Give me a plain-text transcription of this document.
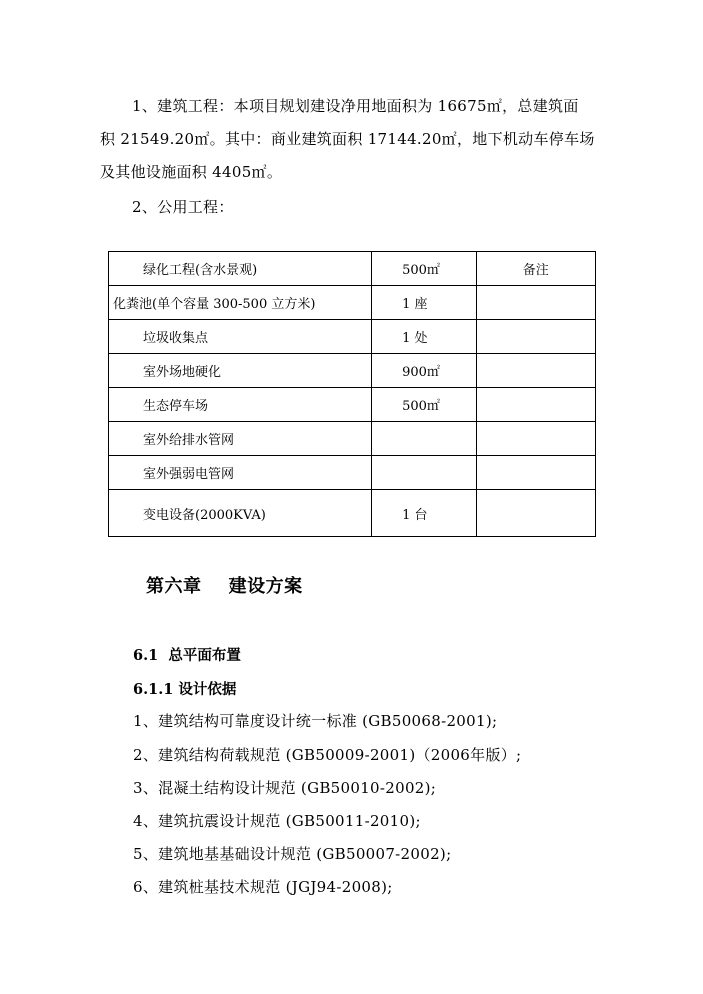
1、建筑工程：本项目规划建设净用地面积为 16675㎡，总建筑面
积 21549.20㎡。其中：商业建筑面积 17144.20㎡，地下机动车停车场
及其他设施面积 4405㎡。
2、公用工程：
绿化工程(含水景观)	500㎡	备注

化粪池(单个容量 300-500 立方米)	1 座	

垃圾收集点	1 处	

室外场地硬化	900㎡	

生态停车场	500㎡	

室外给排水管网		

室外强弱电管网		

变电设备(2000KVA)	1 台	

第六章    建设方案
6.1  总平面布置
6.1.1 设计依据
1、建筑结构可靠度设计统一标准 (GB50068-2001);
2、建筑结构荷载规范 (GB50009-2001)（2006年版）;
3、混凝土结构设计规范 (GB50010-2002);
4、建筑抗震设计规范 (GB50011-2010);
5、建筑地基基础设计规范 (GB50007-2002);
6、建筑桩基技术规范 (JGJ94-2008);
